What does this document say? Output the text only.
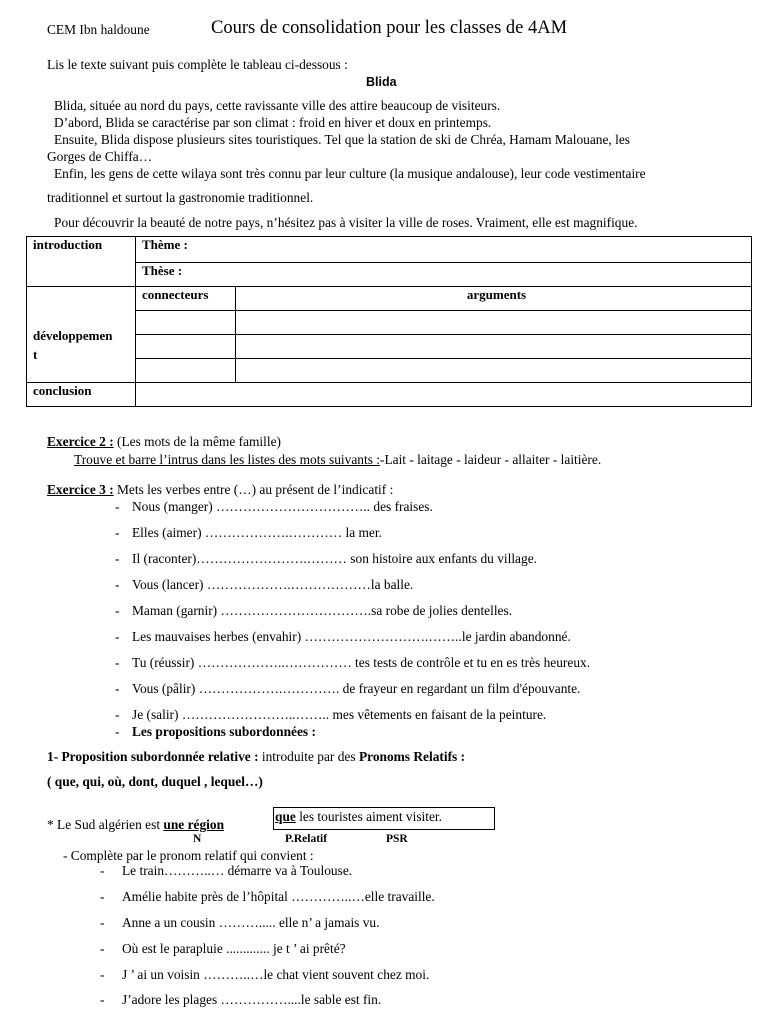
CEM Ibn haldoune	Cours de consolidation pour les classes de 4AM
Lis le texte suivant puis complète le tableau ci-dessous :
Blida
Blida, située au nord du pays, cette ravissante ville des attire beaucoup de visiteurs.
D’abord, Blida se caractérise par son climat : froid en hiver et doux en printemps.
Ensuite, Blida dispose plusieurs sites touristiques. Tel que la station de ski de Chréa, Hamam Malouane, les
Gorges de Chiffa…
Enfin, les gens de cette wilaya sont très connu par leur culture (la musique andalouse), leur code vestimentaire
traditionnel et surtout la gastronomie traditionnel.
Pour découvrir la beauté de notre pays, n’hésitez pas à visiter la ville de roses. Vraiment, elle est magnifique.
introduction	Thème :	
	Thèse :	

développemen
t	connecteurs	arguments

conclusion		
Exercice 2 : (Les mots de la même famille)
Trouve et barre l’intrus dans les listes des mots suivants :-Lait - laitage - laideur - allaiter - laitière.
Exercice 3 : Mets les verbes entre (…) au présent de l’indicatif :
- Nous (manger) …………………………….. des fraises.
- Elles (aimer) ……………….………… la mer.
- Il (raconter)…………………….……… son histoire aux enfants du village.
- Vous (lancer) ……………….………………la balle.
- Maman (garnir) …………………………….sa robe de jolies dentelles.
- Les mauvaises herbes (envahir) ……………………….……..le jardin abandonné.
- Tu (réussir) ………………..…………… tes tests de contrôle et tu en es très heureux.
- Vous (pâlir) ……………….…………. de frayeur en regardant un film d'épouvante.
- Je (salir) ……………………..…….. mes vêtements en faisant de la peinture.
- Les propositions subordonnées :
1- Proposition subordonnée relative : introduite par des Pronoms Relatifs :
( que, qui, où, dont, duquel , lequel…)
* Le Sud algérien est une région
que les touristes aiment visiter.
N	P.Relatif	PSR
- Complète par le pronom relatif qui convient :
- Le train………..… démarre va à Toulouse.
- Amélie habite près de l’hôpital …………..…elle travaille.
- Anne a un cousin ………..... elle n’ a jamais vu.
- Où est le parapluie ............. je t ’ ai prêté?
- J ’ ai un voisin ………..…le chat vient souvent chez moi.
- J’adore les plages ……………....le sable est fin.
